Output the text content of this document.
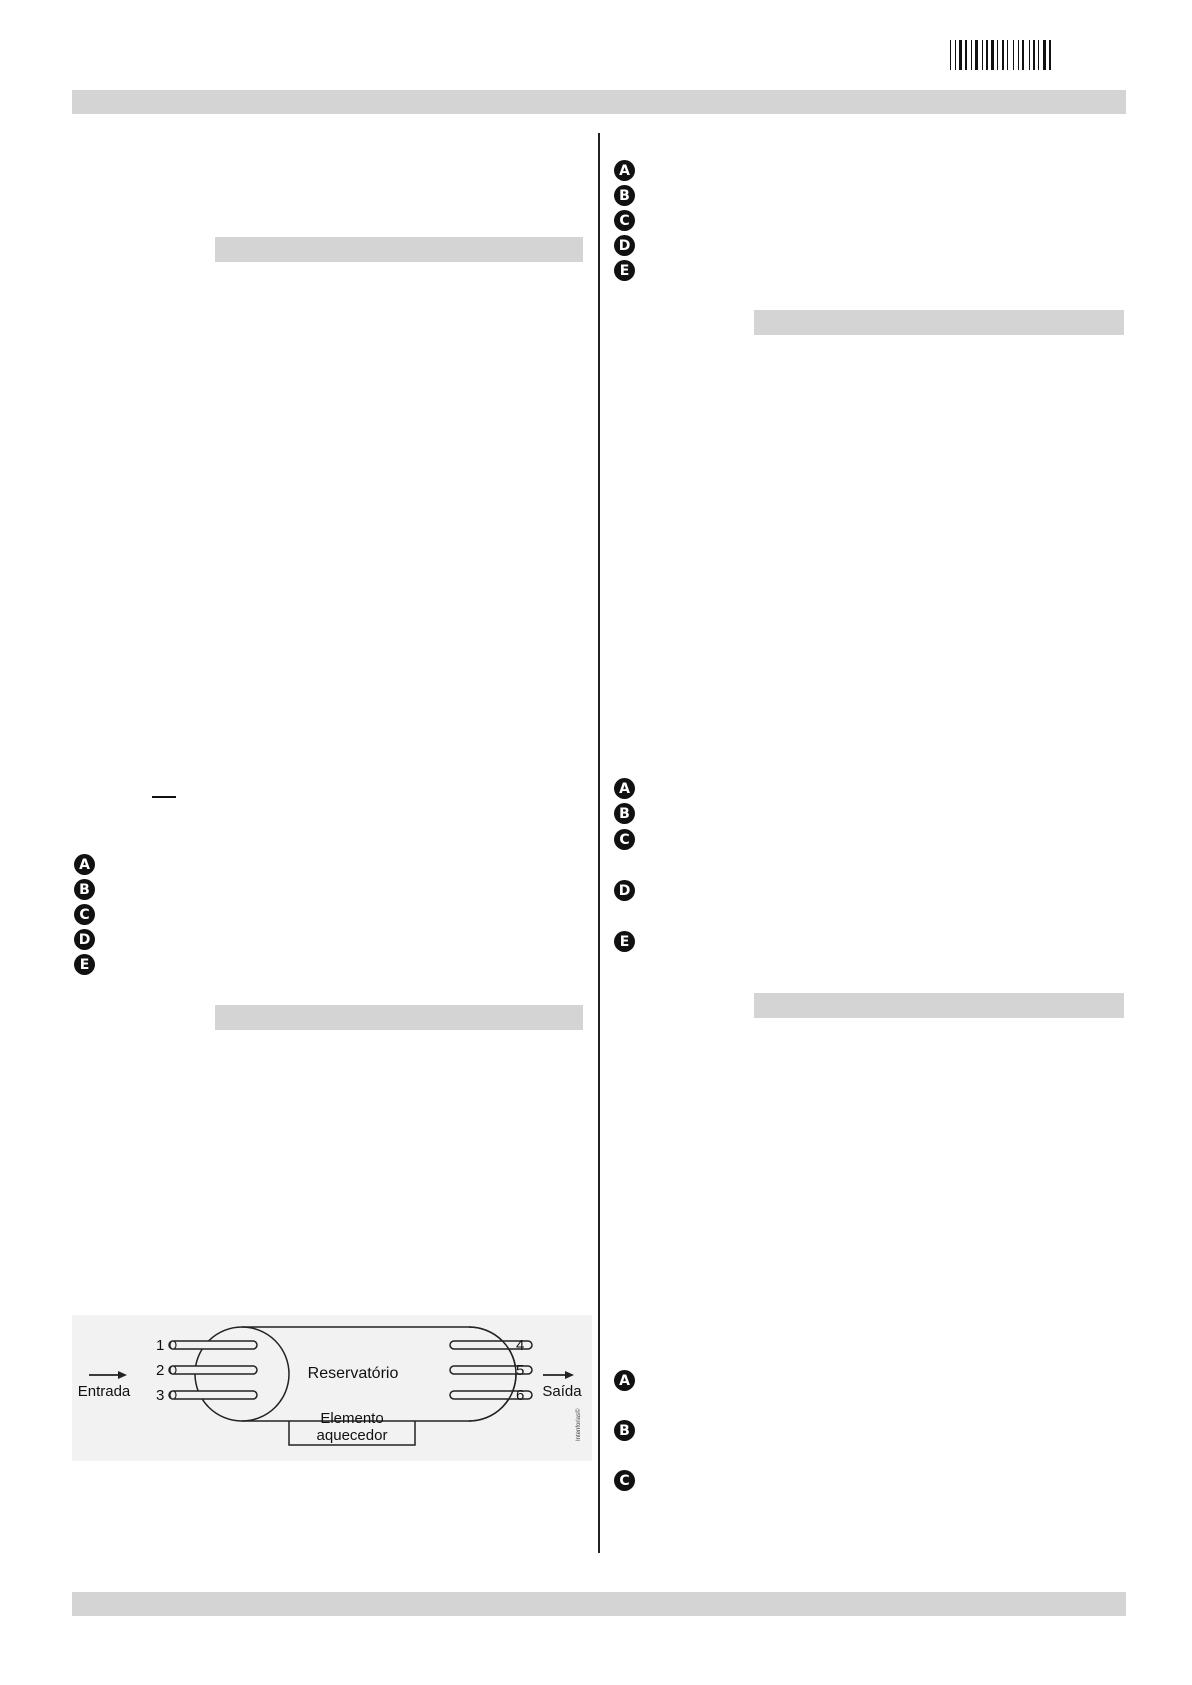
A
B
C
D
E
A
B
C
D
E
A
B
C
D
E
A
B
C
1
2
3
4
5
6
Reservatório
Elemento
aquecedor
Entrada	Saída
Intenforias©
